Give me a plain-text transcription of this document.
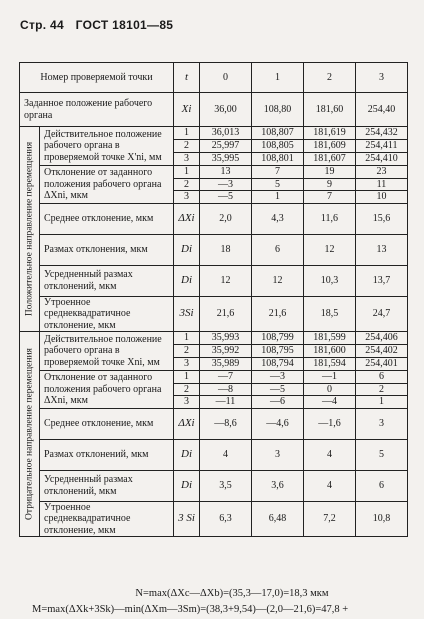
Стр. 44 ГОСТ 18101—85
Номер проверяемой точки		t	0	1	2	3
Заданное положение рабочего органа		Xi	36,00	108,80	181,60	254,40

Положительное направление перемещения	Действительное положение рабочего органа в проверяемой точке X'ni, мм	1	36,013	108,807	181,619	254,432
		2	25,997	108,805	181,609	254,411
		3	35,995	108,801	181,607	254,410
	Отклонение от заданного положения рабочего органа ΔXni, мкм	1	13	7	19	23
		2	—3	5	9	11
		3	—5	1	7	10
	Среднее отклонение, мкм	ΔXi	2,0	4,3	11,6	15,6
	Размах отклонения, мкм	Di	18	6	12	13
	Усредненный размах отклонений, мкм	Di	12	12	10,3	13,7
	Утроенное среднеквадратичное отклонение, мкм	3Si	21,6	21,6	18,5	24,7

Отрицательное направление перемещения	Действительное положение рабочего органа в проверяемой точке Xni, мм	1	35,993	108,799	181,599	254,406
		2	35,992	108,795	181,600	254,402
		3	35,989	108,794	181,594	254,401
	Отклонение от заданного положения рабочего органа ΔXni, мкм	1	—7	—3	—1	6
		2	—8	—5	0	2
		3	—11	—6	—4	1
	Среднее отклонение, мкм	ΔXi	—8,6	—4,6	—1,6	3
	Размах отклонений, мкм	Di	4	3	4	5
	Усредненный размах отклонений, мкм	Di	3,5	3,6	4	6
	Утроенное среднеквадратичное отклонение, мкм	3 Si	6,3	6,48	7,2	10,8
N=max(ΔXc—ΔXb)=(35,3—17,0)=18,3 мкм
M=max(ΔXk+3Sk)—min(ΔXm—3Sm)=(38,3+9,54)—(2,0—21,6)=47,8 +
